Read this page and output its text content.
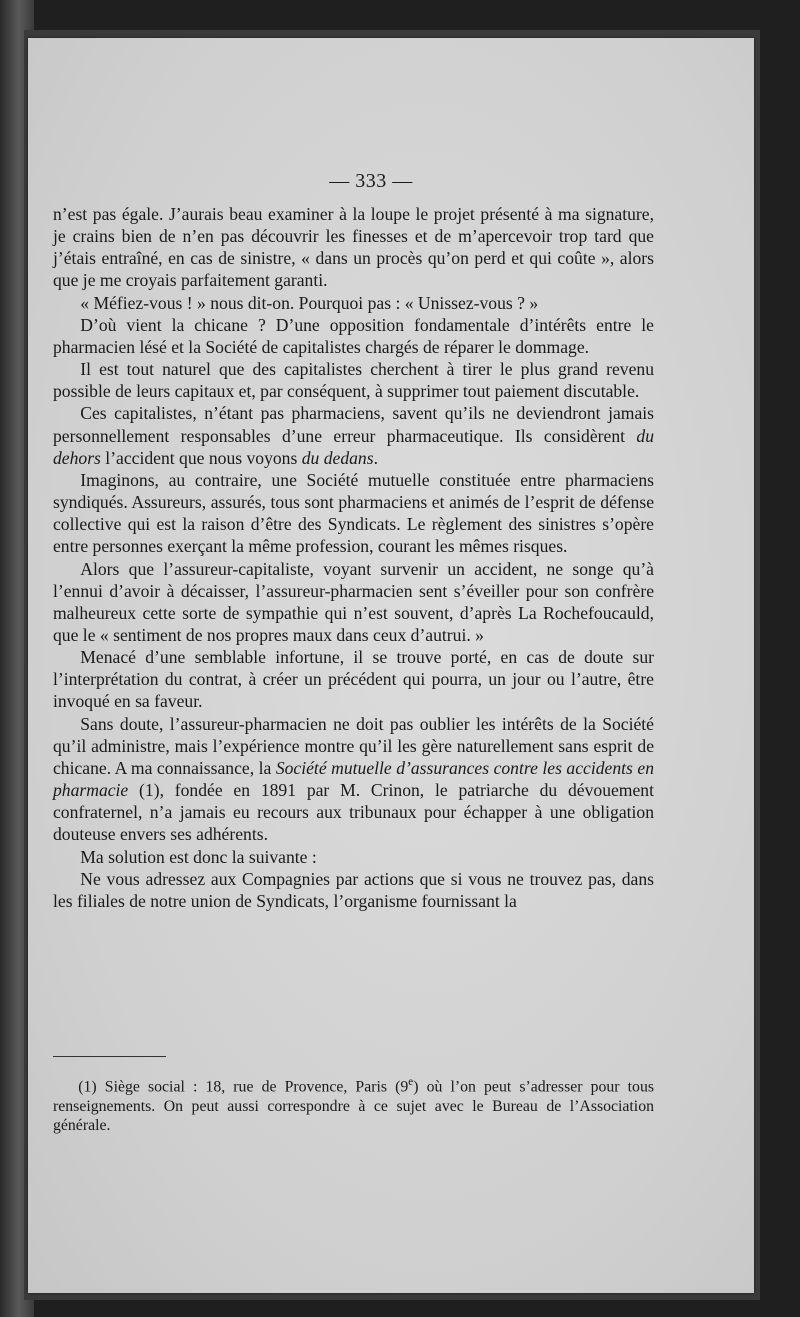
— 333 —

n’est pas égale. J’aurais beau examiner à la loupe le projet présenté à ma signature, je crains bien de n’en pas découvrir les finesses et de m’apercevoir trop tard que j’étais entraîné, en cas de sinistre, « dans un procès qu’on perd et qui coûte », alors que je me croyais parfaitement garanti.

« Méfiez-vous ! » nous dit-on. Pourquoi pas : « Unissez-vous ? »

D’où vient la chicane ? D’une opposition fondamentale d’intérêts entre le pharmacien lésé et la Société de capitalistes chargés de réparer le dommage.

Il est tout naturel que des capitalistes cherchent à tirer le plus grand revenu possible de leurs capitaux et, par conséquent, à supprimer tout paiement discutable.

Ces capitalistes, n’étant pas pharmaciens, savent qu’ils ne deviendront jamais personnellement responsables d’une erreur pharmaceutique. Ils considèrent du dehors l’accident que nous voyons du dedans.

Imaginons, au contraire, une Société mutuelle constituée entre pharmaciens syndiqués. Assureurs, assurés, tous sont pharmaciens et animés de l’esprit de défense collective qui est la raison d’être des Syndicats. Le règlement des sinistres s’opère entre personnes exerçant la même profession, courant les mêmes risques.

Alors que l’assureur-capitaliste, voyant survenir un accident, ne songe qu’à l’ennui d’avoir à décaisser, l’assureur-pharmacien sent s’éveiller pour son confrère malheureux cette sorte de sympathie qui n’est souvent, d’après La Rochefoucauld, que le « sentiment de nos propres maux dans ceux d’autrui. »

Menacé d’une semblable infortune, il se trouve porté, en cas de doute sur l’interprétation du contrat, à créer un précédent qui pourra, un jour ou l’autre, être invoqué en sa faveur.

Sans doute, l’assureur-pharmacien ne doit pas oublier les intérêts de la Société qu’il administre, mais l’expérience montre qu’il les gère naturellement sans esprit de chicane. A ma connaissance, la Société mutuelle d’assurances contre les accidents en pharmacie (1), fondée en 1891 par M. Crinon, le patriarche du dévouement confraternel, n’a jamais eu recours aux tribunaux pour échapper à une obligation douteuse envers ses adhérents.

Ma solution est donc la suivante :

Ne vous adressez aux Compagnies par actions que si vous ne trouvez pas, dans les filiales de notre union de Syndicats, l’organisme fournissant la

(1) Siège social : 18, rue de Provence, Paris (9e) où l’on peut s’adresser pour tous renseignements. On peut aussi correspondre à ce sujet avec le Bureau de l’Association générale.
